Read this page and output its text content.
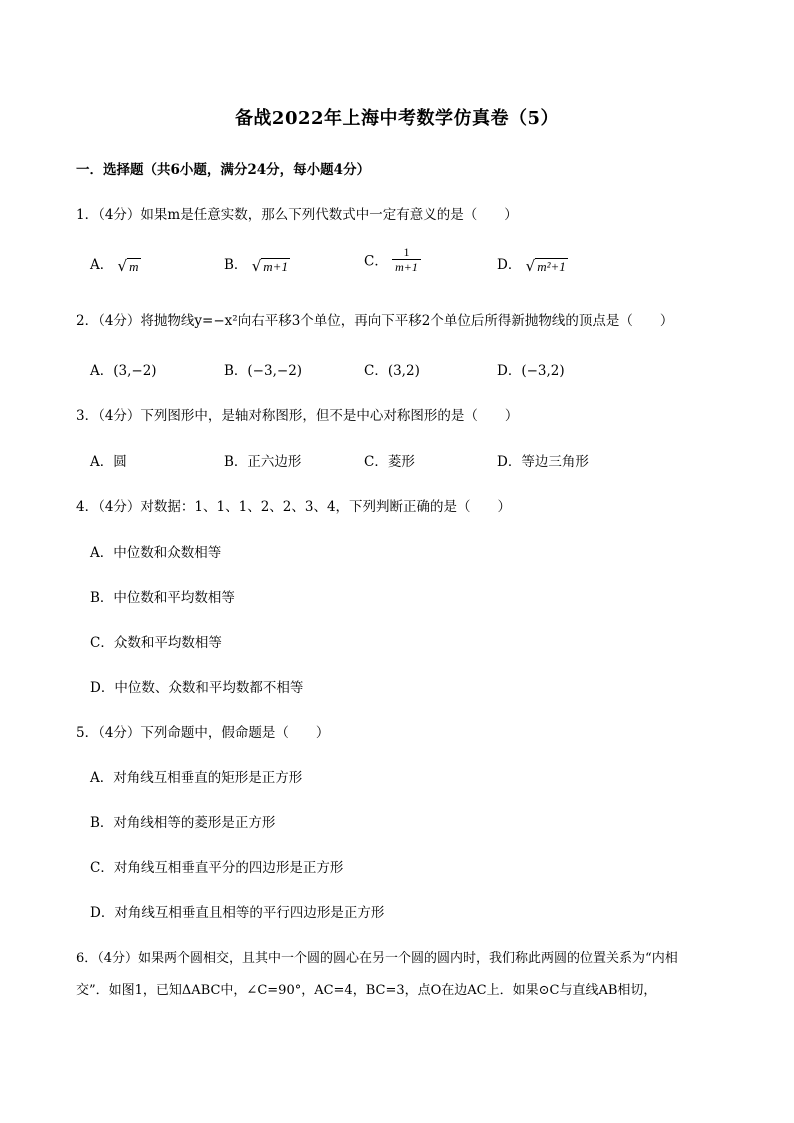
备战2022年上海中考数学仿真卷（5）
一．选择题（共6小题，满分24分，每小题4分）
1．（4分）如果m是任意实数，那么下列代数式中一定有意义的是（　　）
A． √ m	B． √ m+1	C． $\frac{1}{m+1}$	D． √ m²+1
2．（4分）将抛物线y=−x²向右平移3个单位，再向下平移2个单位后所得新抛物线的顶点是（　　）
A．(3,−2)	B．(−3,−2)	C．(3,2)	D．(−3,2)
3．（4分）下列图形中，是轴对称图形，但不是中心对称图形的是（　　）
A．圆	B．正六边形	C．菱形	D．等边三角形
4．（4分）对数据：1、1、1、2、2、3、4，下列判断正确的是（　　）
A．中位数和众数相等
B．中位数和平均数相等
C．众数和平均数相等
D．中位数、众数和平均数都不相等
5．（4分）下列命题中，假命题是（　　）
A．对角线互相垂直的矩形是正方形
B．对角线相等的菱形是正方形
C．对角线互相垂直平分的四边形是正方形
D．对角线互相垂直且相等的平行四边形是正方形
6．（4分）如果两个圆相交，且其中一个圆的圆心在另一个圆的圆内时，我们称此两圆的位置关系为“内相
交”．如图1，已知ΔABC中，∠C=90°，AC=4，BC=3，点O在边AC上．如果⊙C与直线AB相切，
